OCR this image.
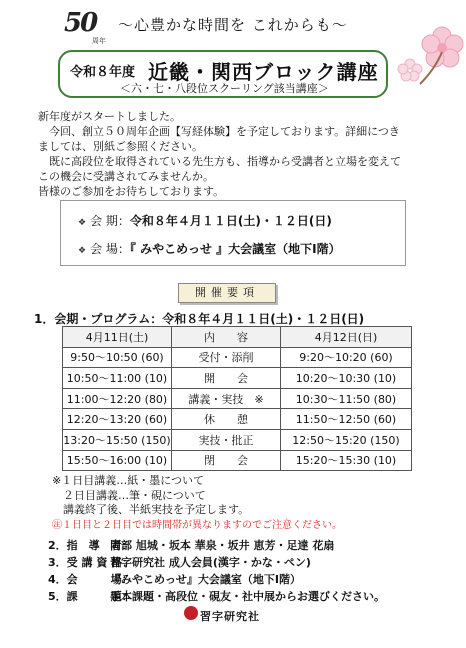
50
周年
〜心豊かな時間を これからも〜
令和８年度 近畿・関西ブロック講座
＜六・七・八段位スクーリング該当講座＞
新年度がスタートしました。
　今回、創立５０周年企画【写経体験】を予定しております。詳細につき
ましては、別紙ご参照ください。
　既に高段位を取得されている先生方も、指導から受講者と立場を変えて
この機会に受講されてみませんか。
皆様のご参加をお待ちしております。
❖ 会 期：令和８年４月１１日(土)・１２日(日)
❖ 会 場：『 みやこめっせ 』大会議室（地下Ⅰ階）
開催要項
1．会期・プログラム：令和８年４月１１日(土)・１２日(日)
4月11日(土)	内　　容	4月12日(日)
9:50〜10:50 (60)	受付・添削	9:20〜10:20 (60)
10:50〜11:00 (10)	開　　会	10:20〜10:30 (10)
11:00〜12:20 (80)	講義・実技　※	10:30〜11:50 (80)
12:20〜13:20 (60)	休　　憩	11:50〜12:50 (60)
13:20〜15:50 (150)	実技・批正	12:50〜15:20 (150)
15:50〜16:00 (10)	閉　　会	15:20〜15:30 (10)
※１日目講義…紙・墨について
　２日目講義…筆・硯について
　講義終了後、半紙実技を予定します。
㊟１日目と２日目では時間帯が異なりますのでご注意ください。
2．指　導　者：岡部 旭城・坂本 華泉・坂井 恵芳・足達 花扇
3．受 講 資 格：習字研究社 成人会員(漢字・かな・ペン)
4．会　　　場：『みやこめっせ』大会議室（地下Ⅰ階）
5．課　　　題：手本課題・高段位・硯友・社中展からお選びください。
習字研究社
